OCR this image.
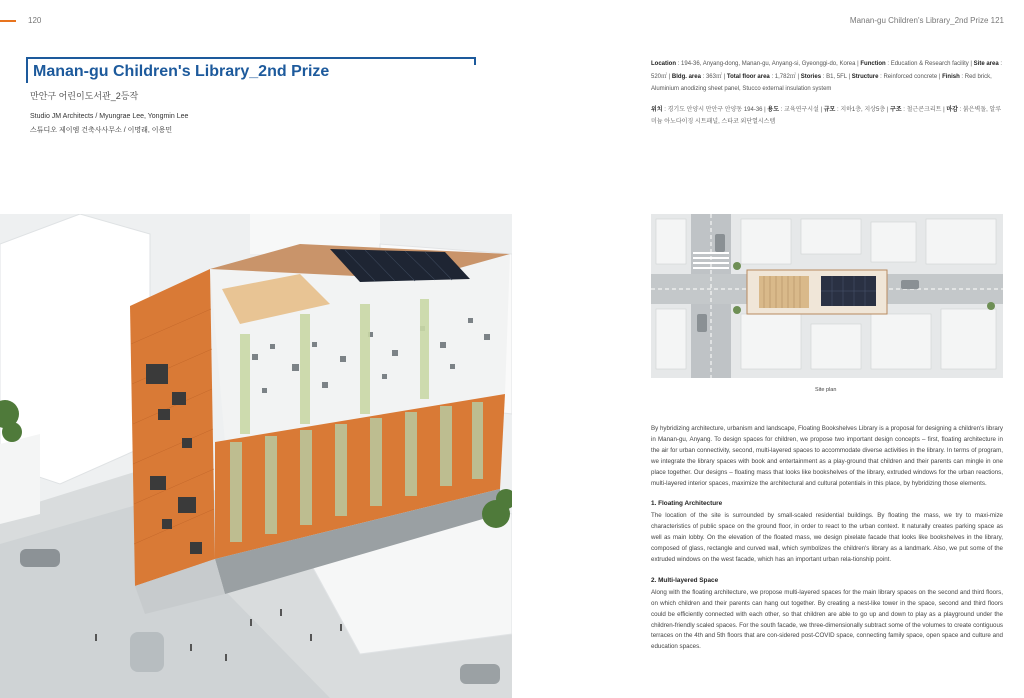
120
Manan-gu Children's Library_2nd Prize
만안구 어린이도서관_2등작
Studio JM Architects / Myungrae Lee, Yongmin Lee
스튜디오 제이엠 건축사사무소 / 이명래, 이용민
Manan-gu Children's Library_2nd Prize 121
Location : 194-36, Anyang-dong, Manan-gu, Anyang-si, Gyeonggi-do, Korea | Function : Education & Research facility | Site area : 520㎡ | Bldg. area : 363㎡ | Total floor area : 1,782㎡ | Stories : B1, 5FL | Structure : Reinforced concrete | Finish : Red brick, Aluminium anodizing sheet panel, Stucco external insulation system
위치 : 경기도 안양시 만안구 안양동 194-36 | 용도 : 교육연구시설 | 규모 : 지하1층, 지상5층 | 구조 : 철근콘크리트 | 마감 : 붉은벽돌, 알루미늄 아노다이징 시트패널, 스타코 외단열시스템
Site plan

By hybridizing architecture, urbanism and landscape, Floating Bookshelves Library is a proposal for designing a children's library in Manan-gu, Anyang. To design spaces for children, we propose two important design concepts – first, floating architecture in the air for urban connectivity, second, multi-layered spaces to accommodate diverse activities in the library. In terms of program, we integrate the library spaces with book and entertainment as a play-ground that children and their parents can mingle in one place together. Our designs – floating mass that looks like bookshelves of the library, extruded windows for the urban reactions, multi-layered interior spaces, maximize the architectural and cultural potentials in this place, by hybridizing those elements.

1. Floating Architecture

The location of the site is surrounded by small-scaled residential buildings. By floating the mass, we try to maxi-mize characteristics of public space on the ground floor, in order to react to the urban context. It naturally creates parking space as well as main lobby. On the elevation of the floated mass, we design pixelate facade that looks like bookshelves in the library, composed of glass, rectangle and curved wall, which symbolizes the children's library as a landmark. Also, we put some of the extruded windows on the west facade, which has an important urban rela-tionship point.

2. Multi-layered Space

Along with the floating architecture, we propose multi-layered spaces for the main library spaces on the second and third floors, on which children and their parents can hang out together. By creating a nest-like tower in the space, second and third floors could be efficiently connected with each other, so that children are able to go up and down to play as a playground under the children-friendly scaled spaces. For the south facade, we three-dimensionally subtract some of the volumes to create contiguous terraces on the 4th and 5th floors that are con-sidered post-COVID space, connecting family space, open space and culture and education spaces.
